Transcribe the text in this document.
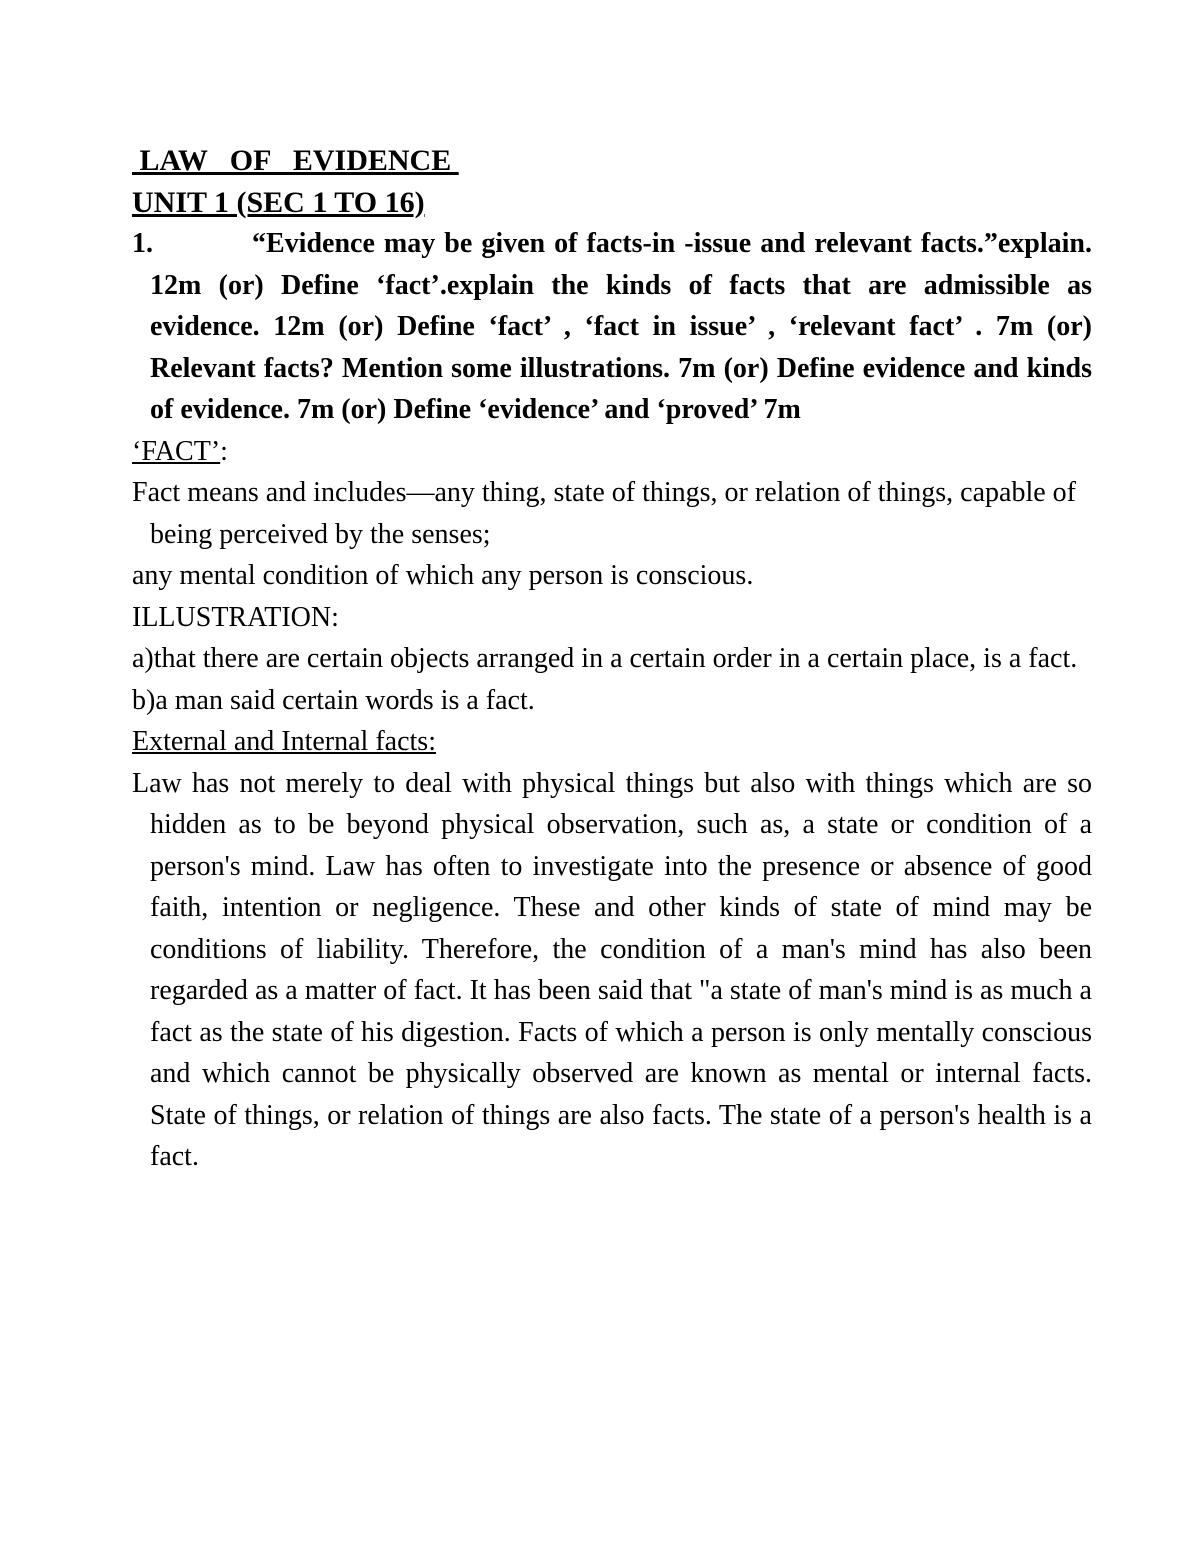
LAW   OF   EVIDENCE

UNIT 1 (SEC 1 TO 16)

1.	“Evidence may be given of facts-in -issue and relevant facts.”explain. 12m (or) Define ‘fact’.explain the kinds of facts that are admissible as evidence. 12m (or) Define ‘fact’ , ‘fact in issue’ , ‘relevant fact’ . 7m (or) Relevant facts? Mention some illustrations. 7m (or) Define evidence and kinds of evidence. 7m (or) Define ‘evidence’ and ‘proved’ 7m

‘FACT’:

Fact means and includes—any thing, state of things, or relation of things, capable of being perceived by the senses;

any mental condition of which any person is conscious.

ILLUSTRATION:

a)that there are certain objects arranged in a certain order in a certain place, is a fact.

b)a man said certain words is a fact.

External and Internal facts:

Law has not merely to deal with physical things but also with things which are so hidden as to be beyond physical observation, such as, a state or condition of a person's mind. Law has often to investigate into the presence or absence of good faith, intention or negligence. These and other kinds of state of mind may be conditions of liability. Therefore, the condition of a man's mind has also been regarded as a matter of fact. It has been said that "a state of man's mind is as much a fact as the state of his digestion. Facts of which a person is only mentally conscious and which cannot be physically observed are known as mental or internal facts. State of things, or relation of things are also facts. The state of a person's health is a fact.
